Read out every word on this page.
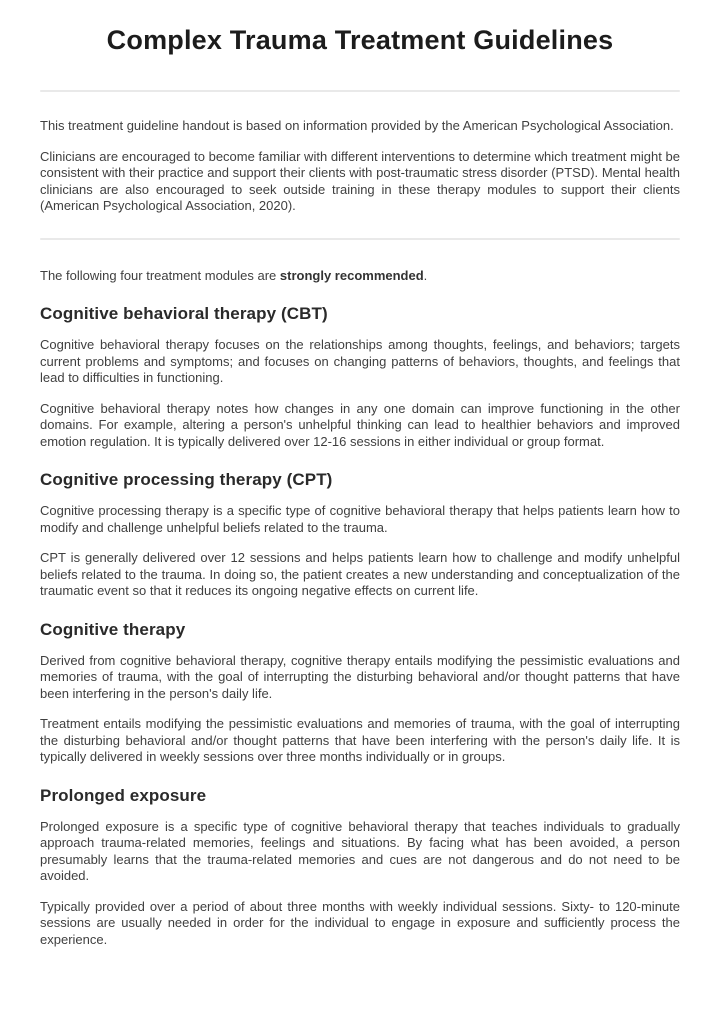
Complex Trauma Treatment Guidelines

This treatment guideline handout is based on information provided by the American Psychological Association.

Clinicians are encouraged to become familiar with different interventions to determine which treatment might be consistent with their practice and support their clients with post-traumatic stress disorder (PTSD). Mental health clinicians are also encouraged to seek outside training in these therapy modules to support their clients (American Psychological Association, 2020).

The following four treatment modules are strongly recommended.

Cognitive behavioral therapy (CBT)

Cognitive behavioral therapy focuses on the relationships among thoughts, feelings, and behaviors; targets current problems and symptoms; and focuses on changing patterns of behaviors, thoughts, and feelings that lead to difficulties in functioning.

Cognitive behavioral therapy notes how changes in any one domain can improve functioning in the other domains. For example, altering a person's unhelpful thinking can lead to healthier behaviors and improved emotion regulation. It is typically delivered over 12-16 sessions in either individual or group format.

Cognitive processing therapy (CPT)

Cognitive processing therapy is a specific type of cognitive behavioral therapy that helps patients learn how to modify and challenge unhelpful beliefs related to the trauma.

CPT is generally delivered over 12 sessions and helps patients learn how to challenge and modify unhelpful beliefs related to the trauma. In doing so, the patient creates a new understanding and conceptualization of the traumatic event so that it reduces its ongoing negative effects on current life.

Cognitive therapy

Derived from cognitive behavioral therapy, cognitive therapy entails modifying the pessimistic evaluations and memories of trauma, with the goal of interrupting the disturbing behavioral and/or thought patterns that have been interfering in the person's daily life.

Treatment entails modifying the pessimistic evaluations and memories of trauma, with the goal of interrupting the disturbing behavioral and/or thought patterns that have been interfering with the person's daily life. It is typically delivered in weekly sessions over three months individually or in groups.

Prolonged exposure

Prolonged exposure is a specific type of cognitive behavioral therapy that teaches individuals to gradually approach trauma-related memories, feelings and situations. By facing what has been avoided, a person presumably learns that the trauma-related memories and cues are not dangerous and do not need to be avoided.

Typically provided over a period of about three months with weekly individual sessions. Sixty- to 120-minute sessions are usually needed in order for the individual to engage in exposure and sufficiently process the experience.
